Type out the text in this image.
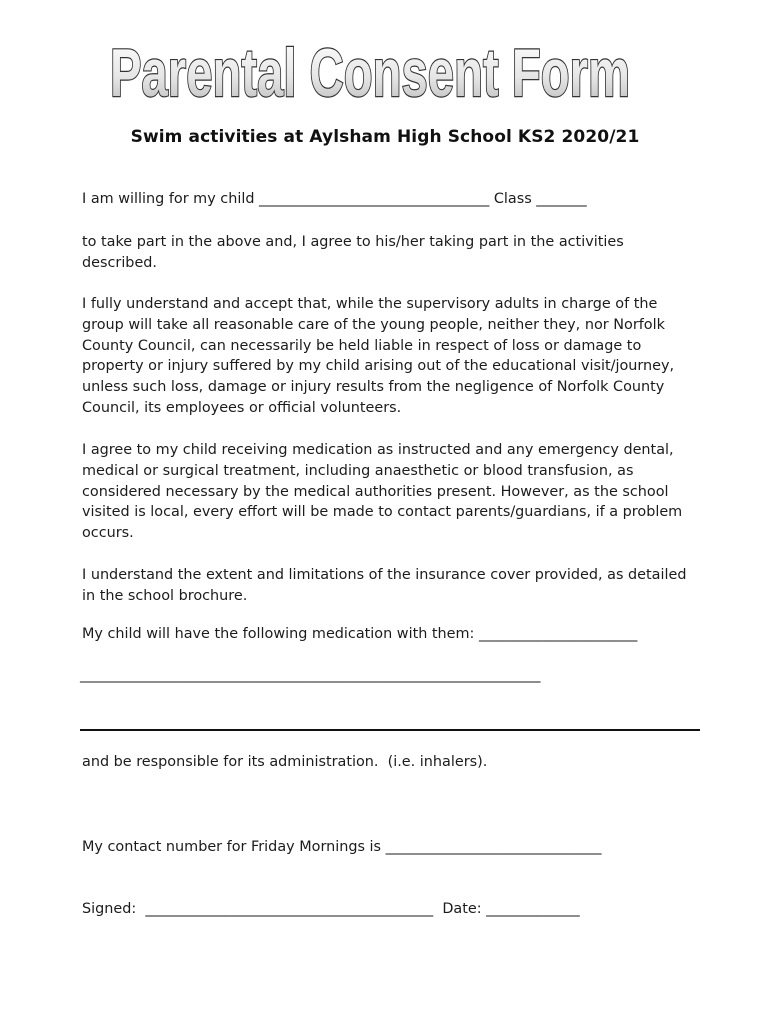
Parental Consent Form
Swim activities at Aylsham High School KS2 2020/21
I am willing for my child ________________________________ Class _______
to take part in the above and, I agree to his/her taking part in the activities described.
I fully understand and accept that, while the supervisory adults in charge of the group will take all reasonable care of the young people, neither they, nor Norfolk County Council, can necessarily be held liable in respect of loss or damage to property or injury suffered by my child arising out of the educational visit/journey, unless such loss, damage or injury results from the negligence of Norfolk County Council, its employees or official volunteers.
I agree to my child receiving medication as instructed and any emergency dental, medical or surgical treatment, including anaesthetic or blood transfusion, as considered necessary by the medical authorities present. However, as the school visited is local, every effort will be made to contact parents/guardians, if a problem occurs.
I understand the extent and limitations of the insurance cover provided, as detailed in the school brochure.
My child will have the following medication with them: ______________________
________________________________________________________________
and be responsible for its administration.  (i.e. inhalers).
My contact number for Friday Mornings is ______________________________
Signed:  ________________________________________  Date: _____________
